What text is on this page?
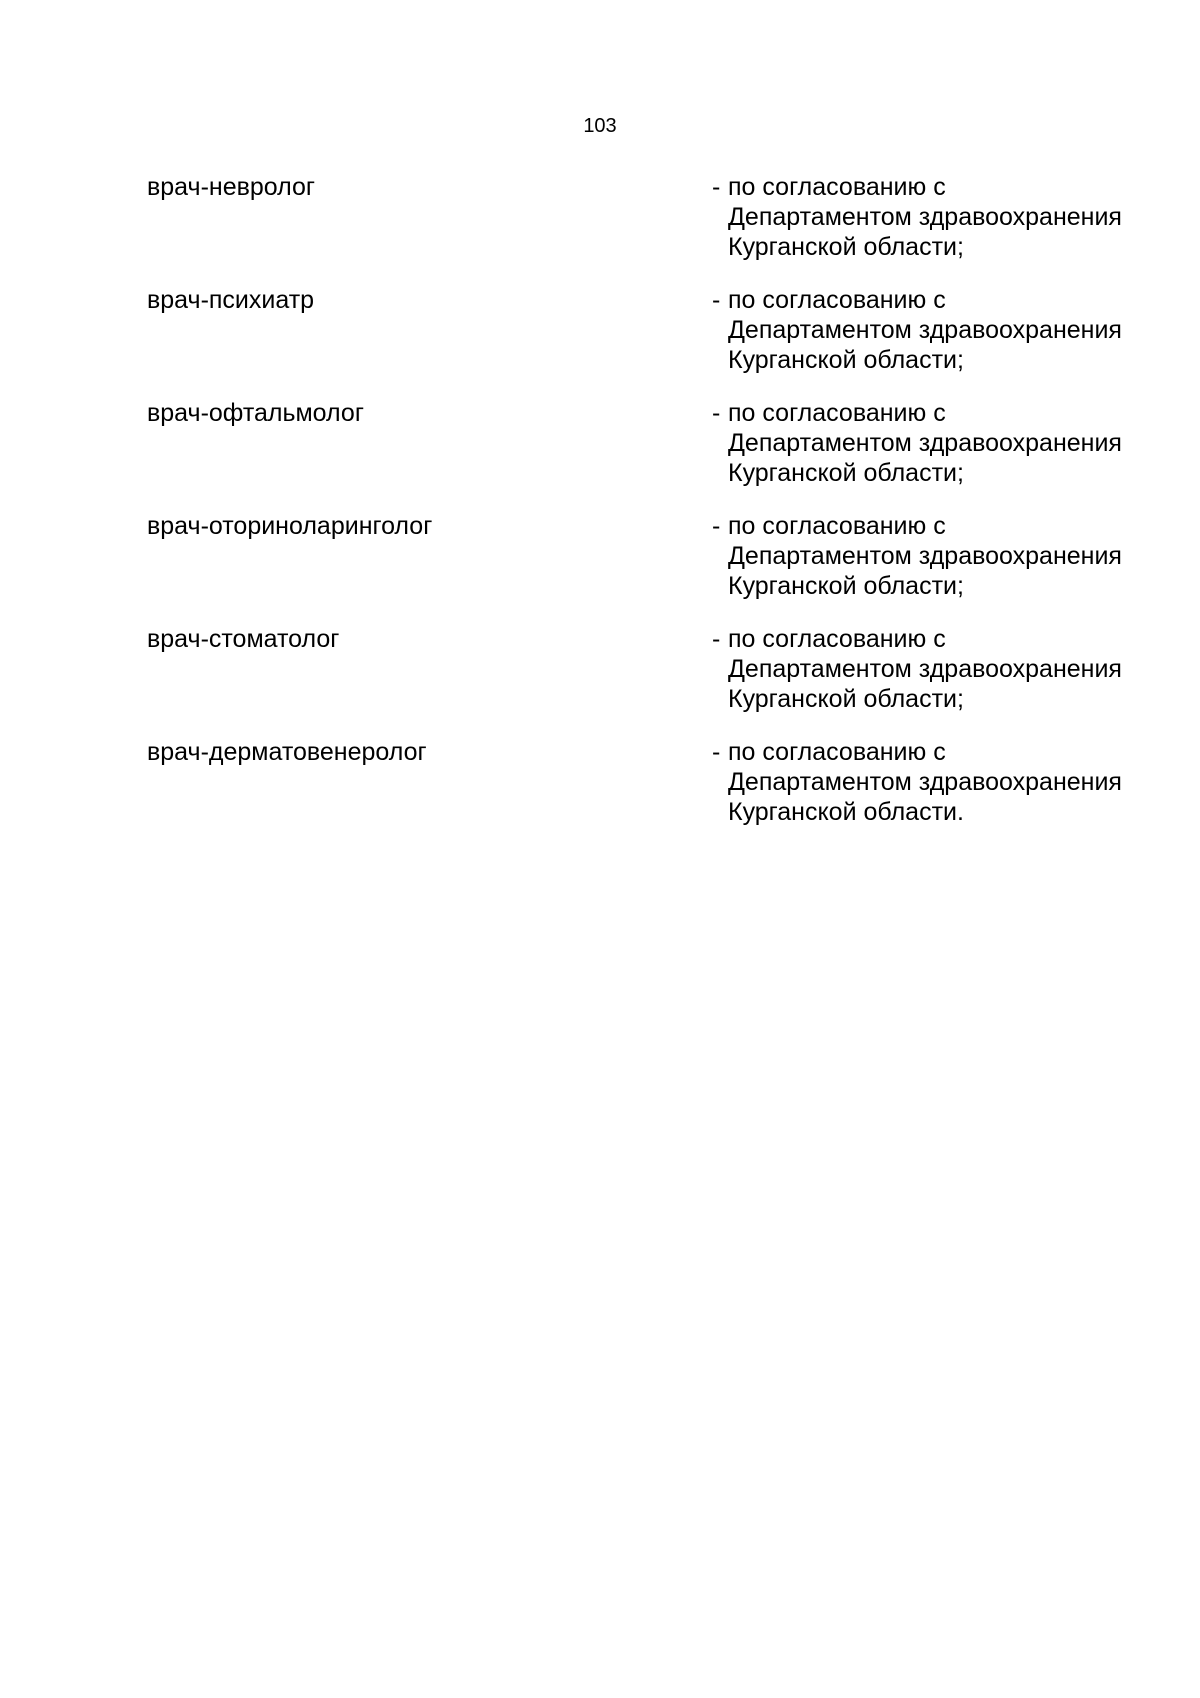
103
врач-невролог	- по согласованию с
Департаментом здравоохранения
Курганской области;
врач-психиатр	- по согласованию с
Департаментом здравоохранения
Курганской области;
врач-офтальмолог	- по согласованию с
Департаментом здравоохранения
Курганской области;
врач-оториноларинголог	- по согласованию с
Департаментом здравоохранения
Курганской области;
врач-стоматолог	- по согласованию с
Департаментом здравоохранения
Курганской области;
врач-дерматовенеролог	- по согласованию с
Департаментом здравоохранения
Курганской области.
